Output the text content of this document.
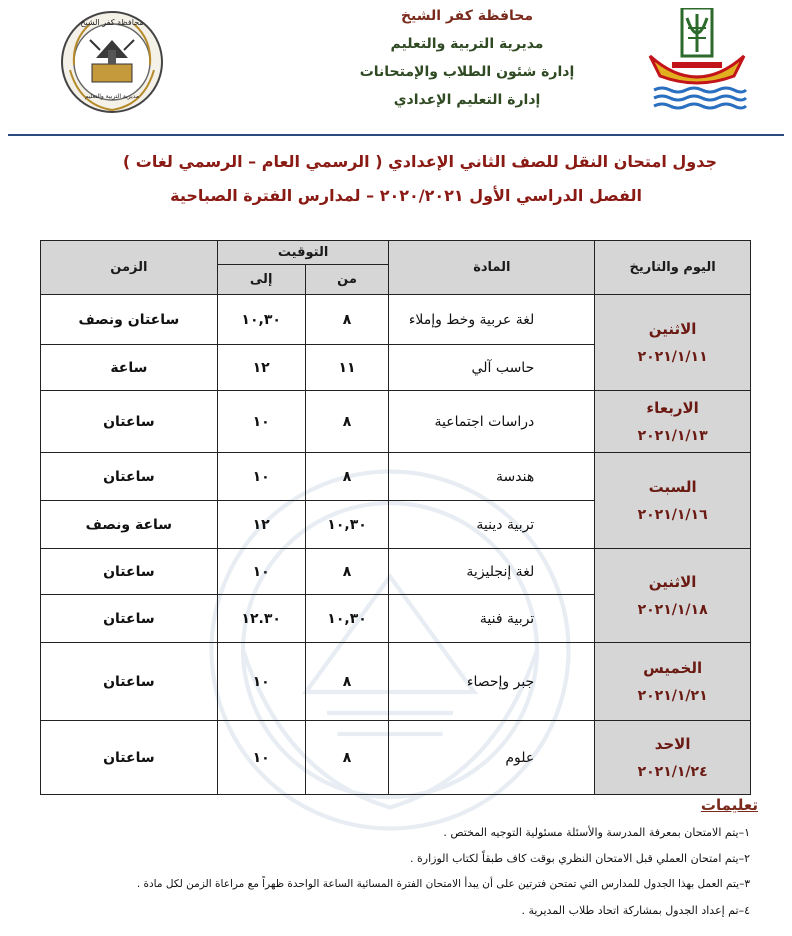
محافظة كفر الشيخ
مديرية التربية والتعليم
إدارة شئون الطلاب والإمتحانات
إدارة التعليم الإعدادي
محافظة كفر الشيخ
مديرية التربية والتعليم
جدول امتحان النقل للصف الثاني الإعدادي ( الرسمي العام – الرسمي لغات )
الفصل الدراسي الأول ٢٠٢٠/٢٠٢١ – لمدارس الفترة الصباحية
اليوم والتاريخ	المادة	التوقيت		الزمن
		من	إلى	

الاثنين
٢٠٢١/١/١١	لغة عربية وخط وإملاء	٨	١٠,٣٠	ساعتان ونصف
	حاسب آلي	١١	١٢	ساعة

الاربعاء
٢٠٢١/١/١٣	دراسات اجتماعية	٨	١٠	ساعتان

السبت
٢٠٢١/١/١٦	هندسة	٨	١٠	ساعتان
	تربية دينية	١٠,٣٠	١٢	ساعة ونصف

الاثنين
٢٠٢١/١/١٨	لغة إنجليزية	٨	١٠	ساعتان
	تربية فنية	١٠,٣٠	١٢.٣٠	ساعتان

الخميس
٢٠٢١/١/٢١	جبر وإحصاء	٨	١٠	ساعتان

الاحد
٢٠٢١/١/٢٤	علوم	٨	١٠	ساعتان
تعليمات
١–يتم الامتحان بمعرفة المدرسة والأسئلة مسئولية التوجيه المختص .
٢–يتم امتحان العملي قبل الامتحان النظري بوقت كاف طبقاً لكتاب الوزارة .
٣–يتم العمل بهذا الجدول للمدارس التي تمتحن فترتين على أن يبدأ الامتحان الفترة المسائية الساعة الواحدة ظهراً مع مراعاة الزمن لكل مادة .
٤–تم إعداد الجدول بمشاركة اتحاد طلاب المديرية .
